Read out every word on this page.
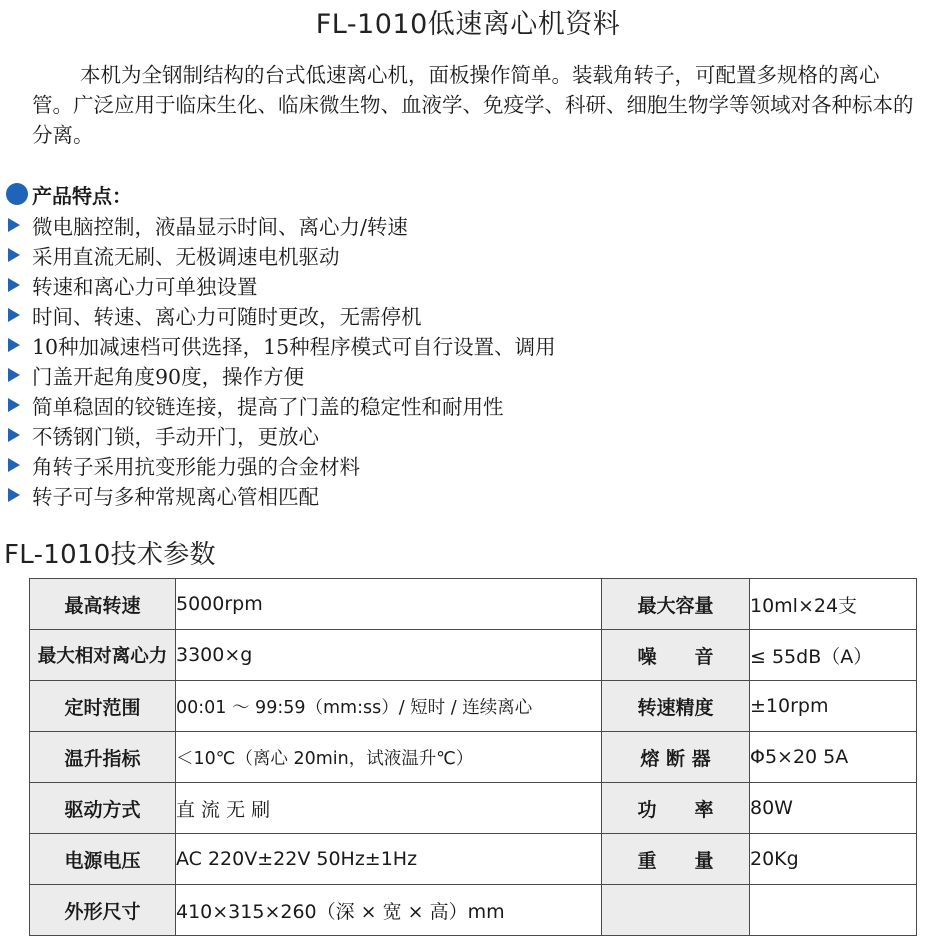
FL-1010低速离心机资料

本机为全钢制结构的台式低速离心机，面板操作简单。装载角转子，可配置多规格的离心管。广泛应用于临床生化、临床微生物、血液学、免疫学、科研、细胞生物学等领域对各种标本的分离。

产品特点：
微电脑控制，液晶显示时间、离心力/转速
采用直流无刷、无极调速电机驱动
转速和离心力可单独设置
时间、转速、离心力可随时更改，无需停机
10种加减速档可供选择，15种程序模式可自行设置、调用
门盖开起角度90度，操作方便
简单稳固的铰链连接，提高了门盖的稳定性和耐用性
不锈钢门锁，手动开门，更放心
角转子采用抗变形能力强的合金材料
转子可与多种常规离心管相匹配
FL-1010技术参数
最高转速	5000rpm	最大容量	10ml×24支
最大相对离心力	3300×g	噪　　音	≤ 55dB（A）
定时范围	00:01 ～ 99:59（mm:ss）/ 短时 / 连续离心	转速精度	±10rpm
温升指标	＜10℃（离心 20min，试液温升℃）	熔 断 器	Φ5×20 5A
驱动方式	直 流 无 刷	功　　率	80W
电源电压	AC 220V±22V 50Hz±1Hz	重　　量	20Kg
外形尺寸	410×315×260（深 × 宽 × 高）mm		
